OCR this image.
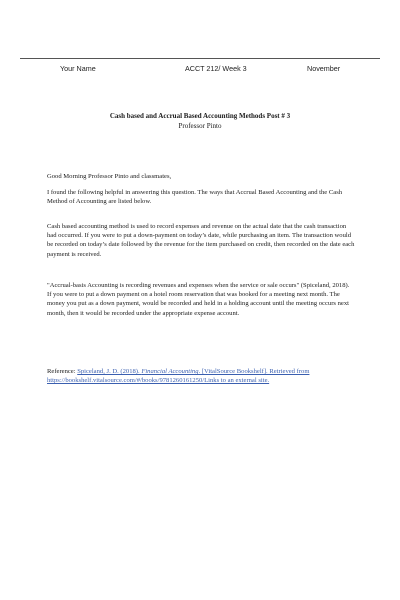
Your Name	ACCT 212/ Week 3	November
Cash based and Accrual Based Accounting Methods Post # 3
Professor Pinto
Good Morning Professor Pinto and classmates,
I found the following helpful in answering this question. The ways that Accrual Based Accounting and the Cash Method of Accounting are listed below.
Cash based accounting method is used to record expenses and revenue on the actual date that the cash transaction had occurred. If you were to put a down-payment on today’s date, while purchasing an item. The transaction would be recorded on today’s date followed by the revenue for the item purchased on credit, then recorded on the date each payment is received.
"Accrual-basis Accounting is recording revenues and expenses when the service or sale occurs" (Spiceland, 2018). If you were to put a down payment on a hotel room reservation that was booked for a meeting next month. The money you put as a down payment, would be recorded and held in a holding account until the meeting occurs next month, then it would be recorded under the appropriate expense account.
Reference: Spiceland, J. D. (2018). Financial Accounting. [VitalSource Bookshelf]. Retrieved from https://bookshelf.vitalsource.com/#/books/9781260161250/Links to an external site.
